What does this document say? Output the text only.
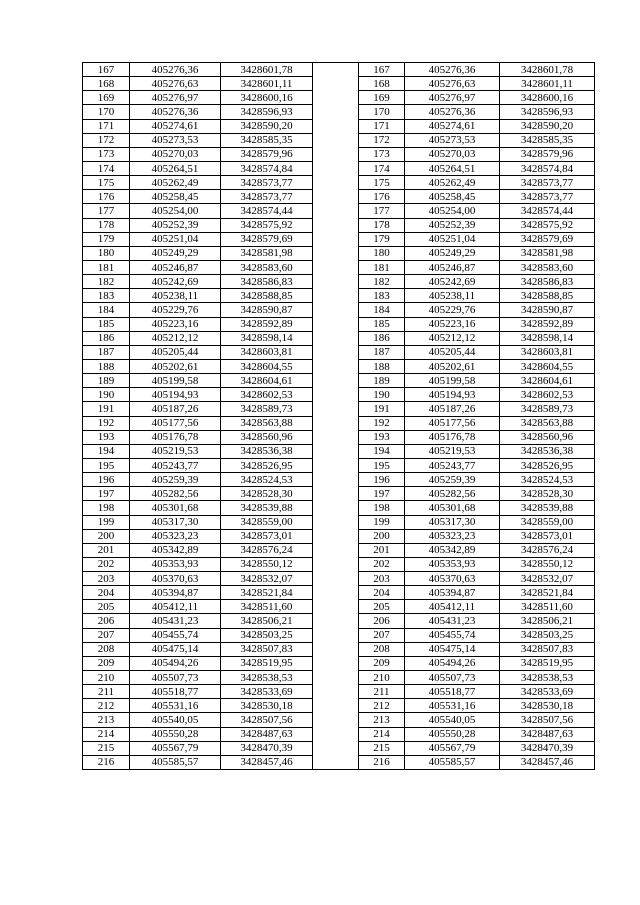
167	405276,36	3428601,78		167	405276,36	3428601,78
168	405276,63	3428601,11		168	405276,63	3428601,11
169	405276,97	3428600,16		169	405276,97	3428600,16
170	405276,36	3428596,93		170	405276,36	3428596,93
171	405274,61	3428590,20		171	405274,61	3428590,20
172	405273,53	3428585,35		172	405273,53	3428585,35
173	405270,03	3428579,96		173	405270,03	3428579,96
174	405264,51	3428574,84		174	405264,51	3428574,84
175	405262,49	3428573,77		175	405262,49	3428573,77
176	405258,45	3428573,77		176	405258,45	3428573,77
177	405254,00	3428574,44		177	405254,00	3428574,44
178	405252,39	3428575,92		178	405252,39	3428575,92
179	405251,04	3428579,69		179	405251,04	3428579,69
180	405249,29	3428581,98		180	405249,29	3428581,98
181	405246,87	3428583,60		181	405246,87	3428583,60
182	405242,69	3428586,83		182	405242,69	3428586,83
183	405238,11	3428588,85		183	405238,11	3428588,85
184	405229,76	3428590,87		184	405229,76	3428590,87
185	405223,16	3428592,89		185	405223,16	3428592,89
186	405212,12	3428598,14		186	405212,12	3428598,14
187	405205,44	3428603,81		187	405205,44	3428603,81
188	405202,61	3428604,55		188	405202,61	3428604,55
189	405199,58	3428604,61		189	405199,58	3428604,61
190	405194,93	3428602,53		190	405194,93	3428602,53
191	405187,26	3428589,73		191	405187,26	3428589,73
192	405177,56	3428563,88		192	405177,56	3428563,88
193	405176,78	3428560,96		193	405176,78	3428560,96
194	405219,53	3428536,38		194	405219,53	3428536,38
195	405243,77	3428526,95		195	405243,77	3428526,95
196	405259,39	3428524,53		196	405259,39	3428524,53
197	405282,56	3428528,30		197	405282,56	3428528,30
198	405301,68	3428539,88		198	405301,68	3428539,88
199	405317,30	3428559,00		199	405317,30	3428559,00
200	405323,23	3428573,01		200	405323,23	3428573,01
201	405342,89	3428576,24		201	405342,89	3428576,24
202	405353,93	3428550,12		202	405353,93	3428550,12
203	405370,63	3428532,07		203	405370,63	3428532,07
204	405394,87	3428521,84		204	405394,87	3428521,84
205	405412,11	3428511,60		205	405412,11	3428511,60
206	405431,23	3428506,21		206	405431,23	3428506,21
207	405455,74	3428503,25		207	405455,74	3428503,25
208	405475,14	3428507,83		208	405475,14	3428507,83
209	405494,26	3428519,95		209	405494,26	3428519,95
210	405507,73	3428538,53		210	405507,73	3428538,53
211	405518,77	3428533,69		211	405518,77	3428533,69
212	405531,16	3428530,18		212	405531,16	3428530,18
213	405540,05	3428507,56		213	405540,05	3428507,56
214	405550,28	3428487,63		214	405550,28	3428487,63
215	405567,79	3428470,39		215	405567,79	3428470,39
216	405585,57	3428457,46		216	405585,57	3428457,46
